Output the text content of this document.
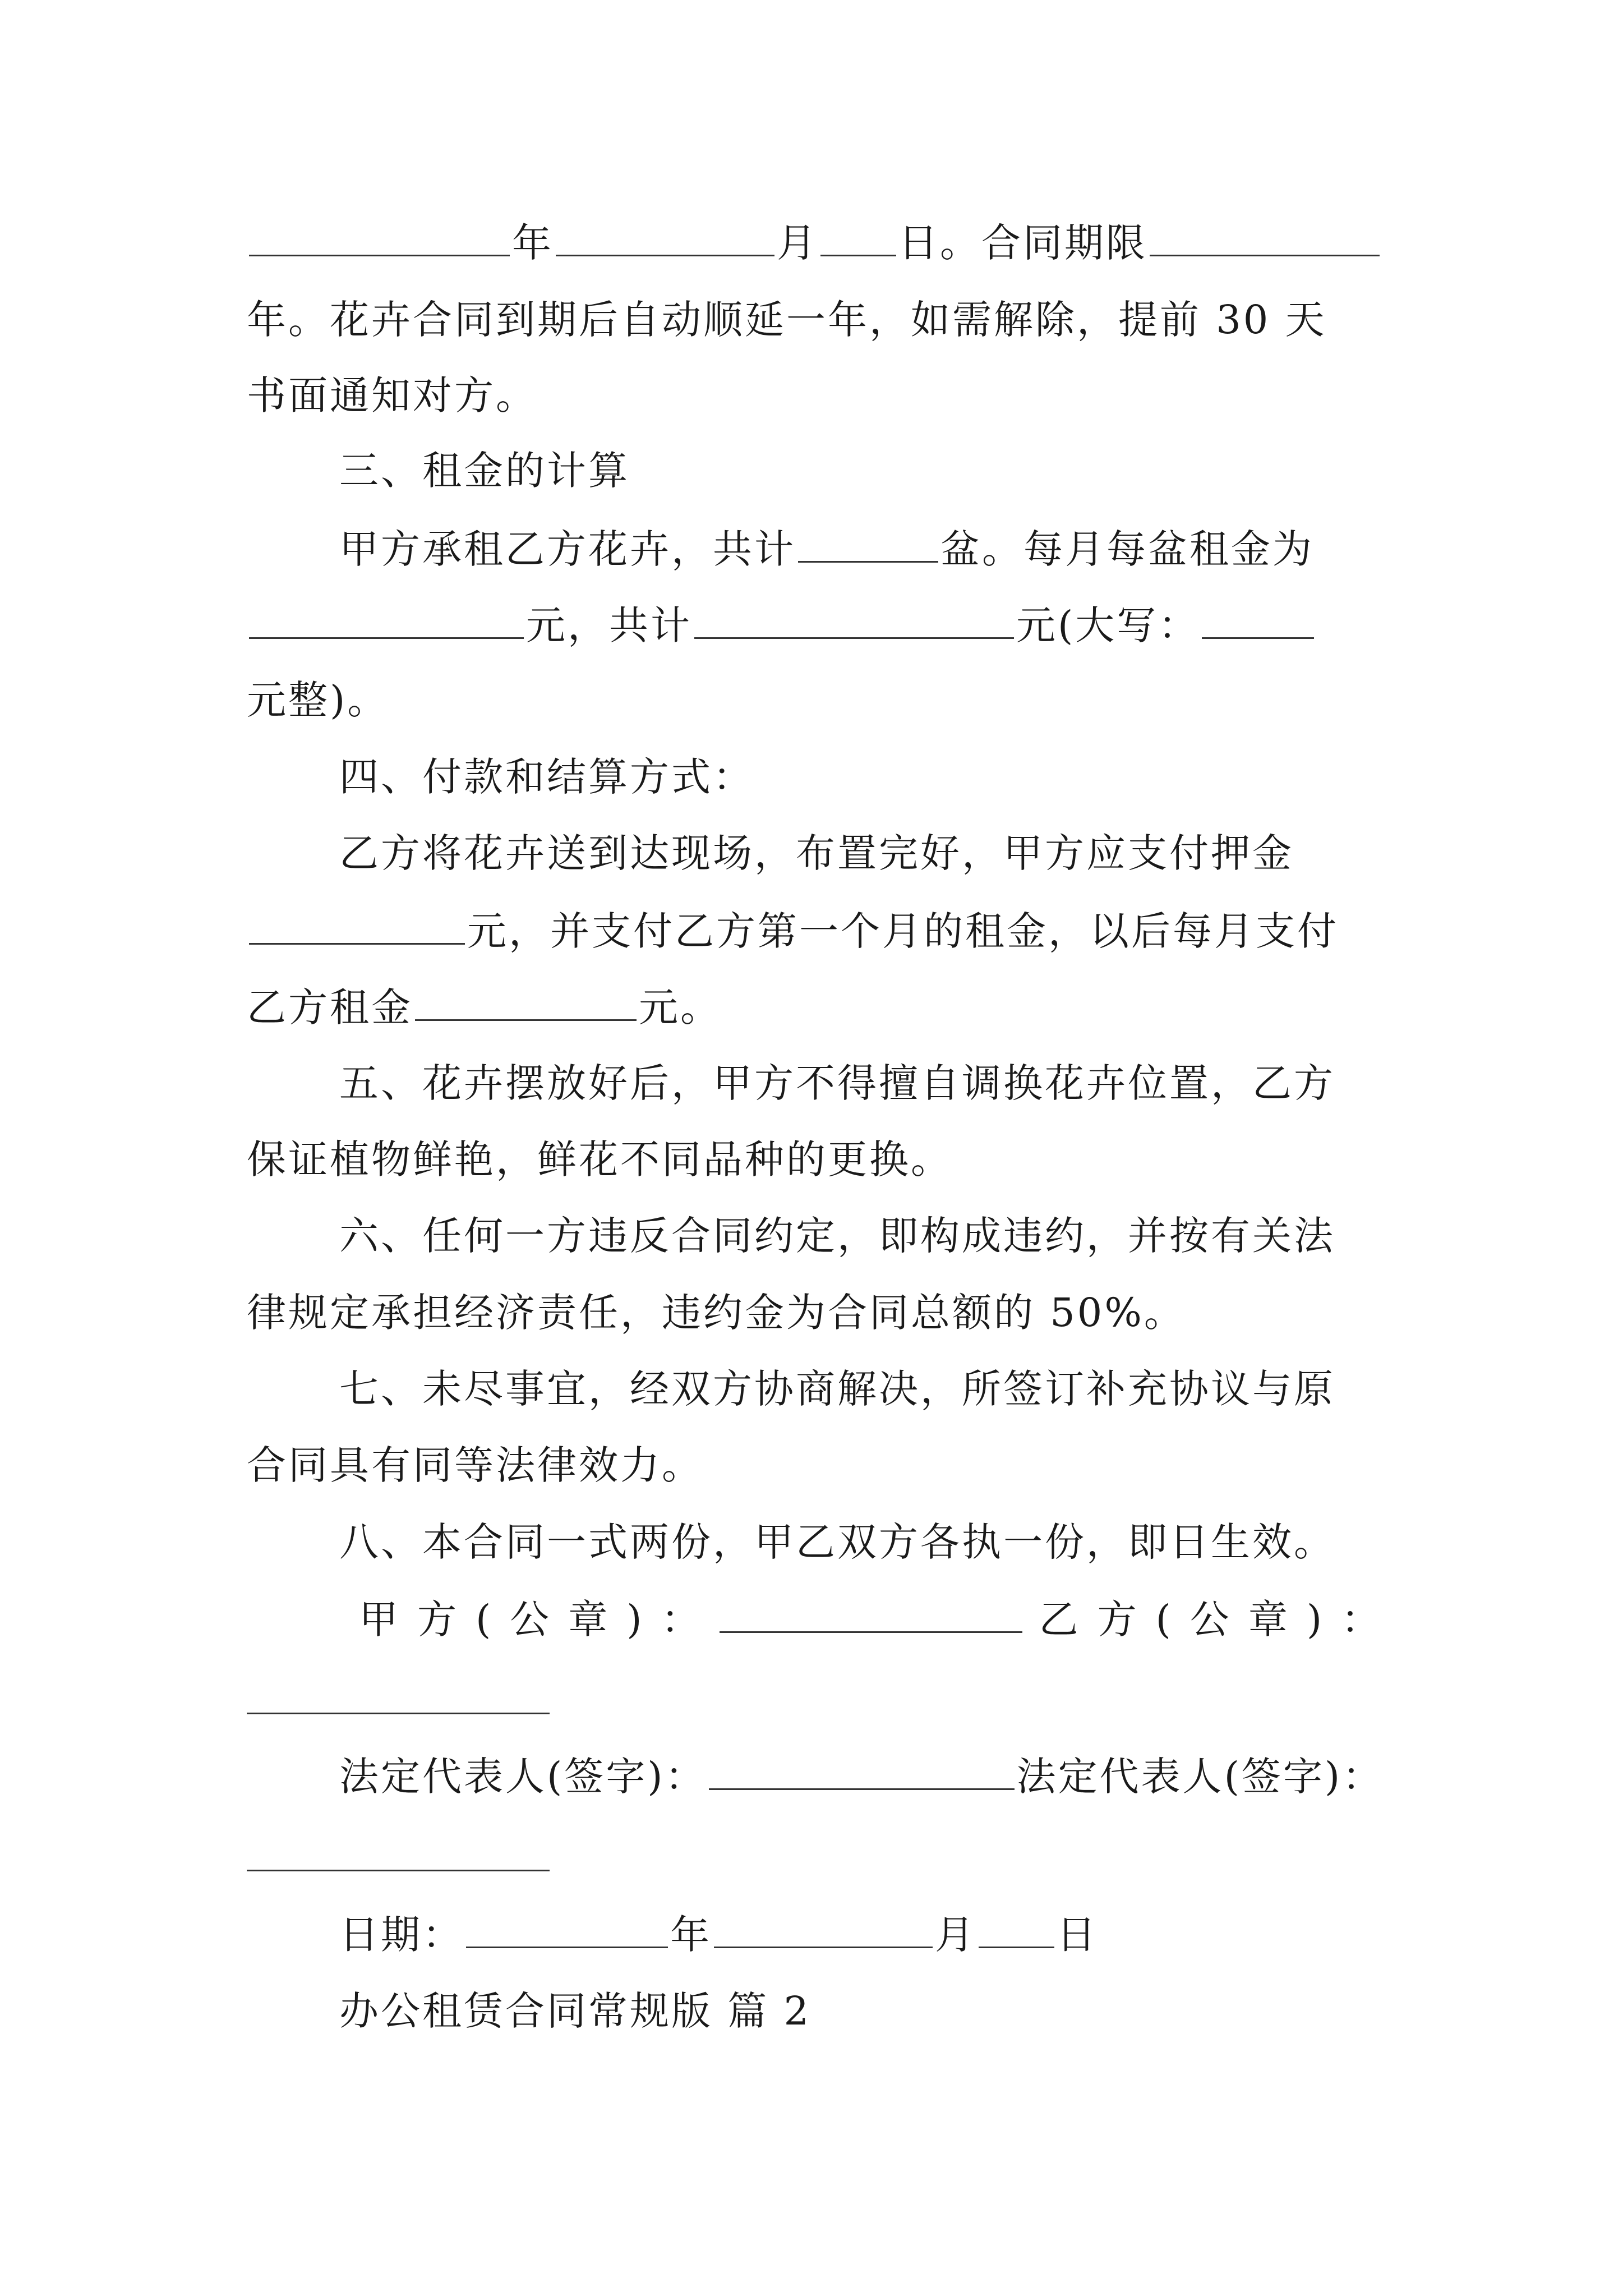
年	月 日。合同期限
年。花卉合同到期后自动顺延一年，如需解除，提前 30 天
书面通知对方。
三、租金的计算
甲方承租乙方花卉，共计	盆。每月每盆租金为
元，共计	元(大写：
元整)。
四、付款和结算方式：
乙方将花卉送到达现场，布置完好，甲方应支付押金
元，并支付乙方第一个月的租金，以后每月支付
乙方租金	元。
五、花卉摆放好后，甲方不得擅自调换花卉位置，乙方
保证植物鲜艳，鲜花不同品种的更换。
六、任何一方违反合同约定，即构成违约，并按有关法
律规定承担经济责任，违约金为合同总额的 50%。
七、未尽事宜，经双方协商解决，所签订补充协议与原
合同具有同等法律效力。
八、本合同一式两份，甲乙双方各执一份，即日生效。
甲方(公章)：	乙方(公章)：
法定代表人(签字)：	法定代表人(签字)：
日期：	年	月 日
办公租赁合同常规版 篇 2
